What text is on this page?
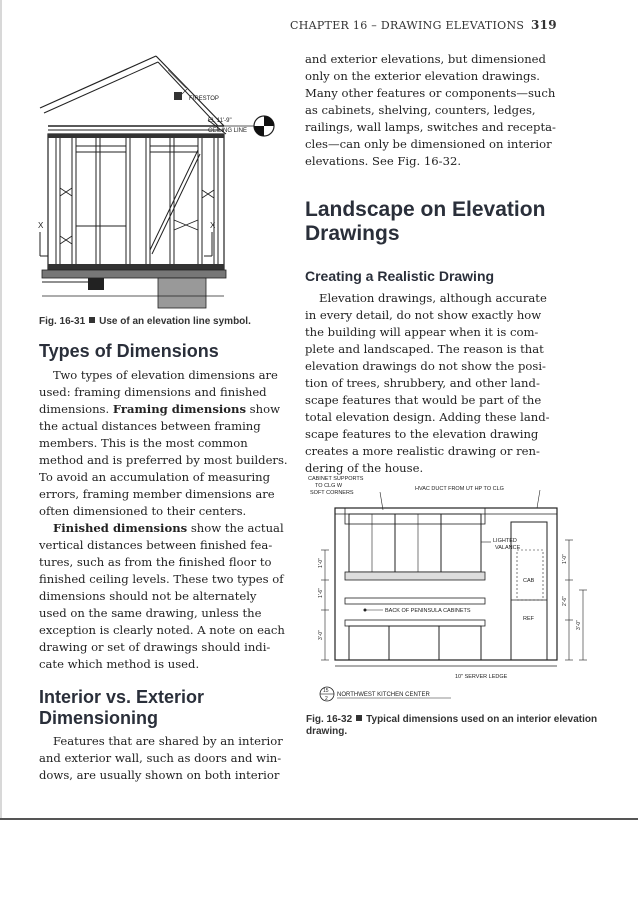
CHAPTER 16 – DRAWING ELEVATIONS 319
FIRESTOP
EL 11'-9"
CEILING LINE
X	X
Fig. 16-31 Use of an elevation line symbol.
Types of Dimensions
Two types of elevation dimensions are
used: framing dimensions and finished
dimensions. Framing dimensions show
the actual distances between framing
members. This is the most common
method and is preferred by most builders.
To avoid an accumulation of measuring
errors, framing member dimensions are
often dimensioned to their centers.
Finished dimensions show the actual
vertical distances between finished fea-
tures, such as from the finished floor to
finished ceiling levels. These two types of
dimensions should not be alternately
used on the same drawing, unless the
exception is clearly noted. A note on each
drawing or set of drawings should indi-
cate which method is used.
Interior vs. Exterior Dimensioning
Features that are shared by an interior
and exterior wall, such as doors and win-
dows, are usually shown on both interior
and exterior elevations, but dimensioned
only on the exterior elevation drawings.
Many other features or components—such
as cabinets, shelving, counters, ledges,
railings, wall lamps, switches and recepta-
cles—can only be dimensioned on interior
elevations. See Fig. 16-32.
Landscape on Elevation
Drawings
Creating a Realistic Drawing
Elevation drawings, although accurate
in every detail, do not show exactly how
the building will appear when it is com-
plete and landscaped. The reason is that
elevation drawings do not show the posi-
tion of trees, shrubbery, and other land-
scape features that would be part of the
total elevation design. Adding these land-
scape features to the elevation drawing
creates a more realistic drawing or ren-
dering of the house.
CABINET SUPPORTS
TO CLG W
SOFT CORNERS
HVAC DUCT FROM UT HP TO CLG
LIGHTED
VALANCE
BACK OF PENINSULA CABINETS
CAB
REF
1'-0"
1'-6"
3'-0"
1'-0"
2'-6"
3'-0"
10" SERVER LEDGE
15
2
NORTHWEST KITCHEN CENTER
Fig. 16-32 Typical dimensions used on an interior elevation drawing.
